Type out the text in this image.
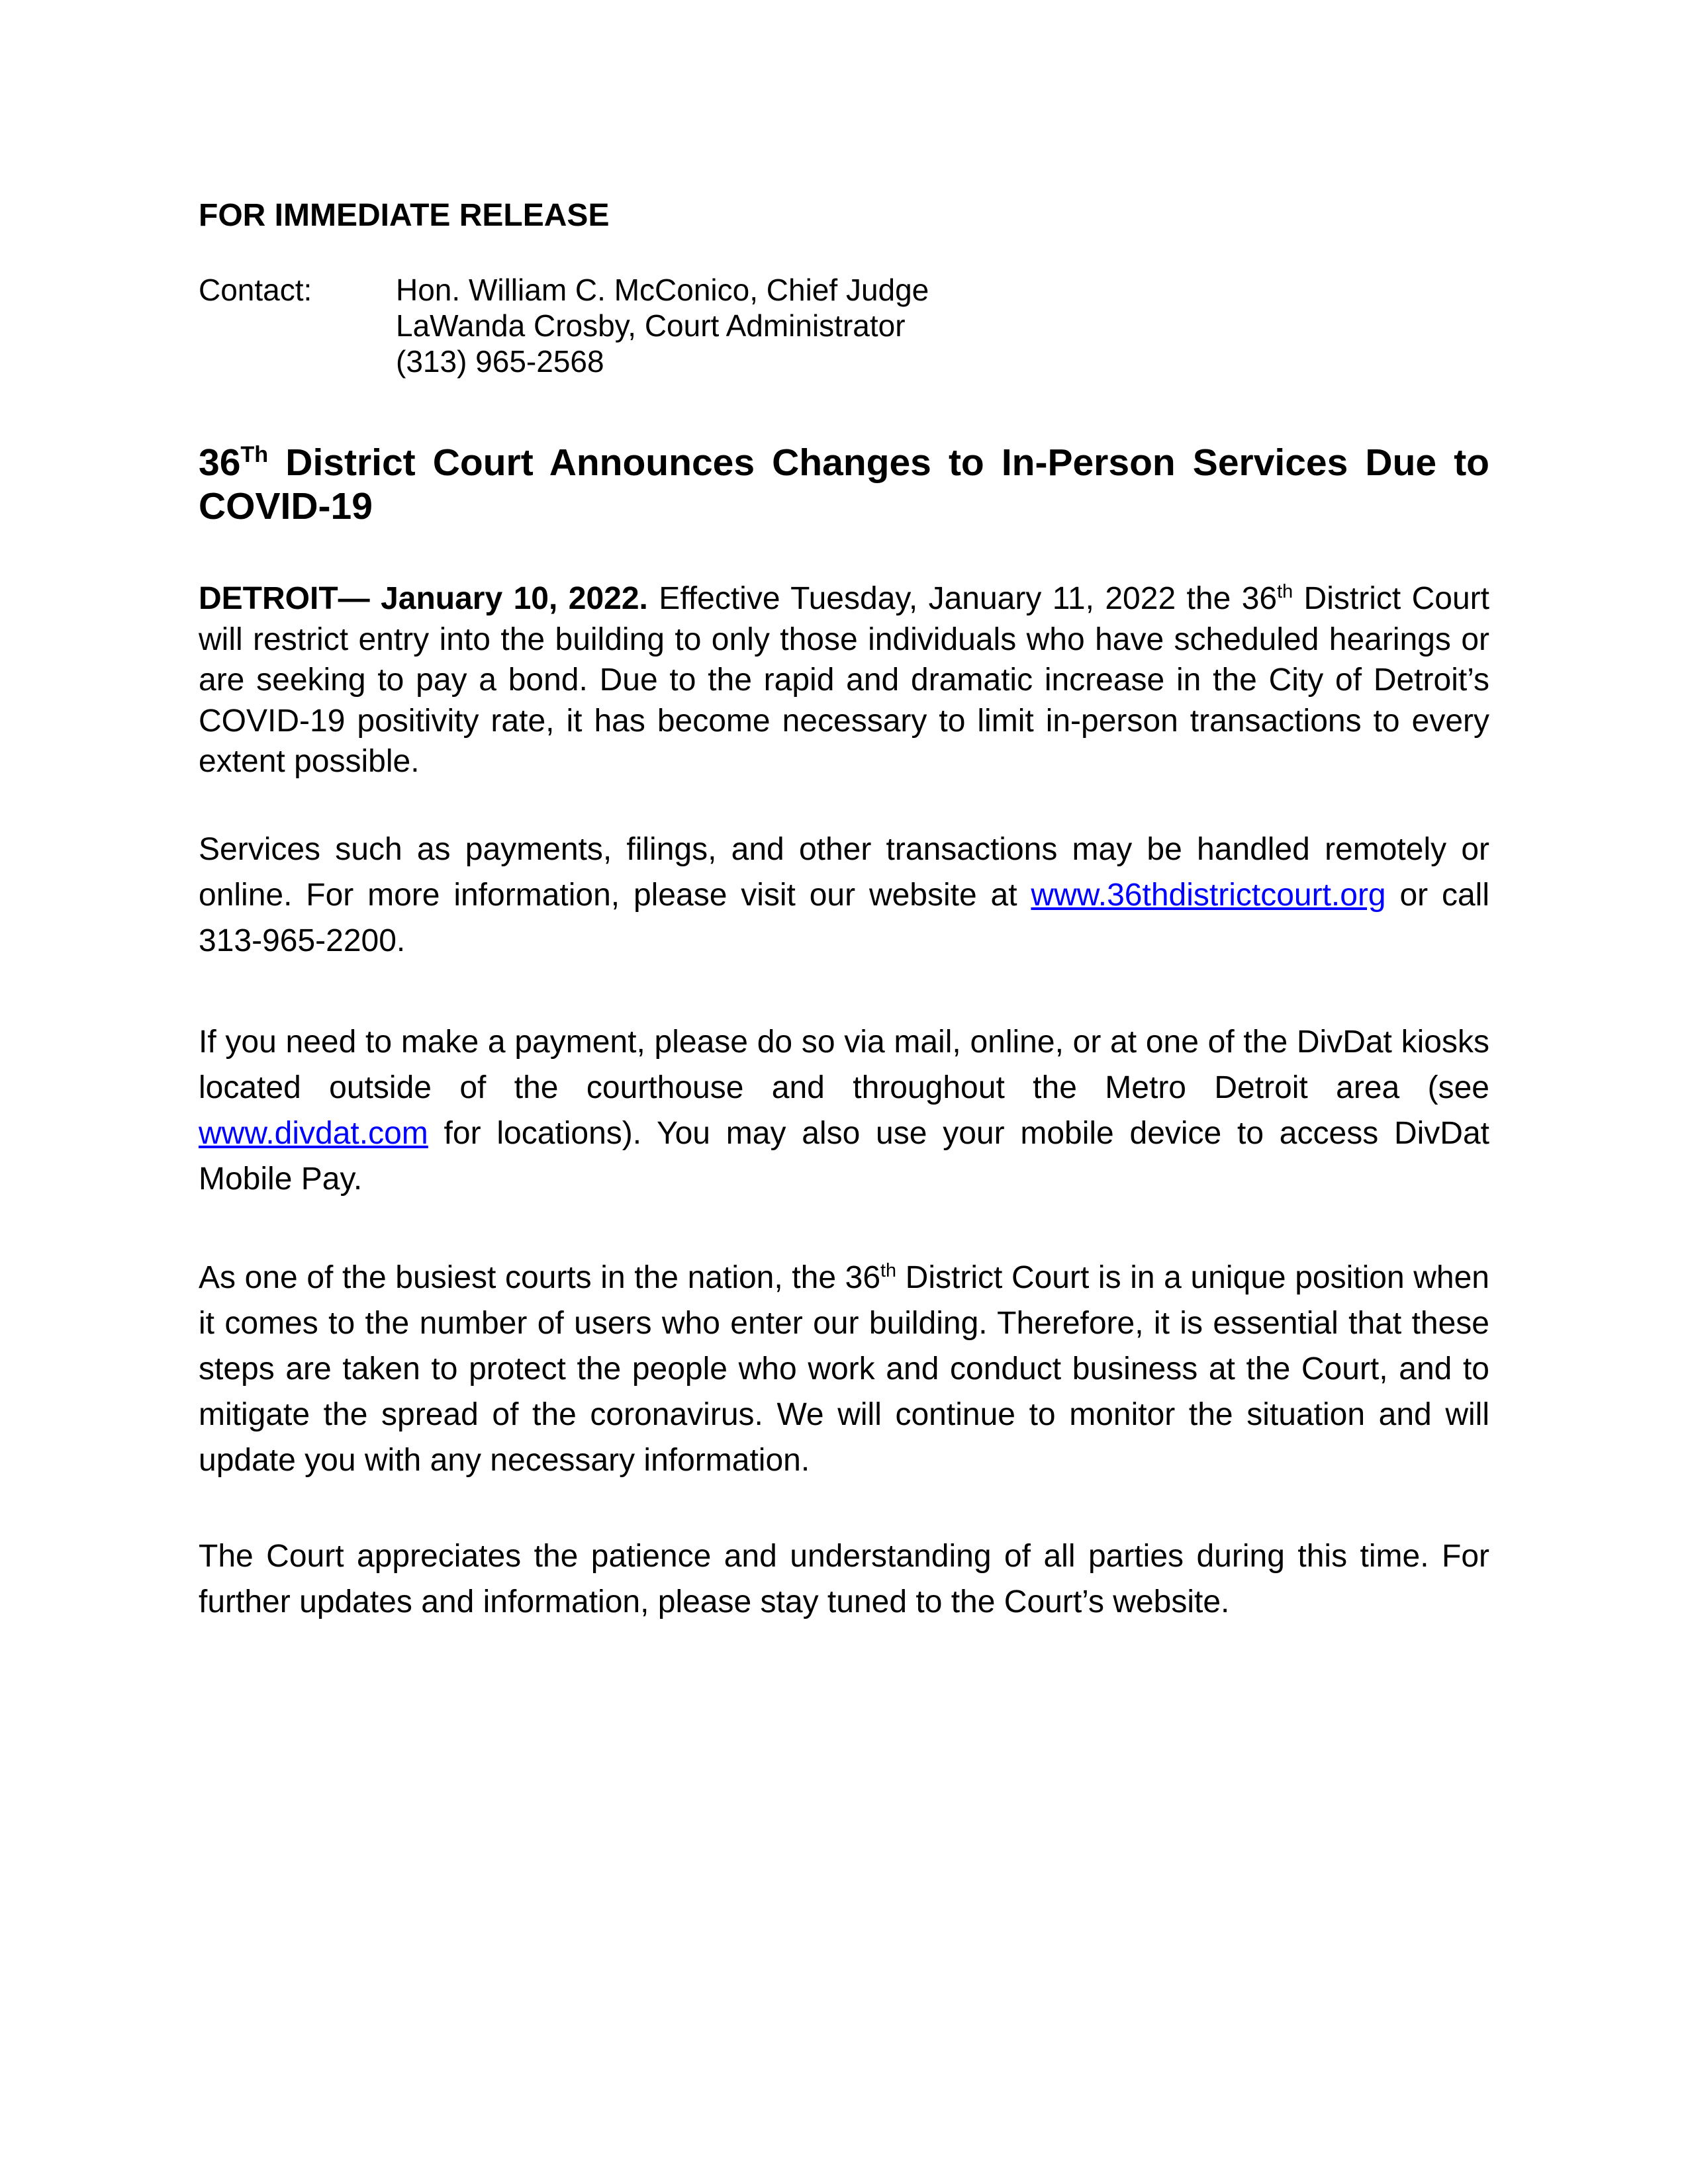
FOR IMMEDIATE RELEASE
Contact:	Hon. William C. McConico, Chief Judge
LaWanda Crosby, Court Administrator
(313) 965-2568
36Th District Court Announces Changes to In-Person Services Due to COVID-19
DETROIT— January 10, 2022. Effective Tuesday, January 11, 2022 the 36th District Court will restrict entry into the building to only those individuals who have scheduled hearings or are seeking to pay a bond. Due to the rapid and dramatic increase in the City of Detroit’s COVID-19 positivity rate, it has become necessary to limit in-person transactions to every extent possible.
Services such as payments, filings, and other transactions may be handled remotely or online. For more information, please visit our website at www.36thdistrictcourt.org or call 313-965-2200.
If you need to make a payment, please do so via mail, online, or at one of the DivDat kiosks located outside of the courthouse and throughout the Metro Detroit area (see www.divdat.com for locations). You may also use your mobile device to access DivDat Mobile Pay.
As one of the busiest courts in the nation, the 36th District Court is in a unique position when it comes to the number of users who enter our building. Therefore, it is essential that these steps are taken to protect the people who work and conduct business at the Court, and to mitigate the spread of the coronavirus. We will continue to monitor the situation and will update you with any necessary information.
The Court appreciates the patience and understanding of all parties during this time. For further updates and information, please stay tuned to the Court’s website.
